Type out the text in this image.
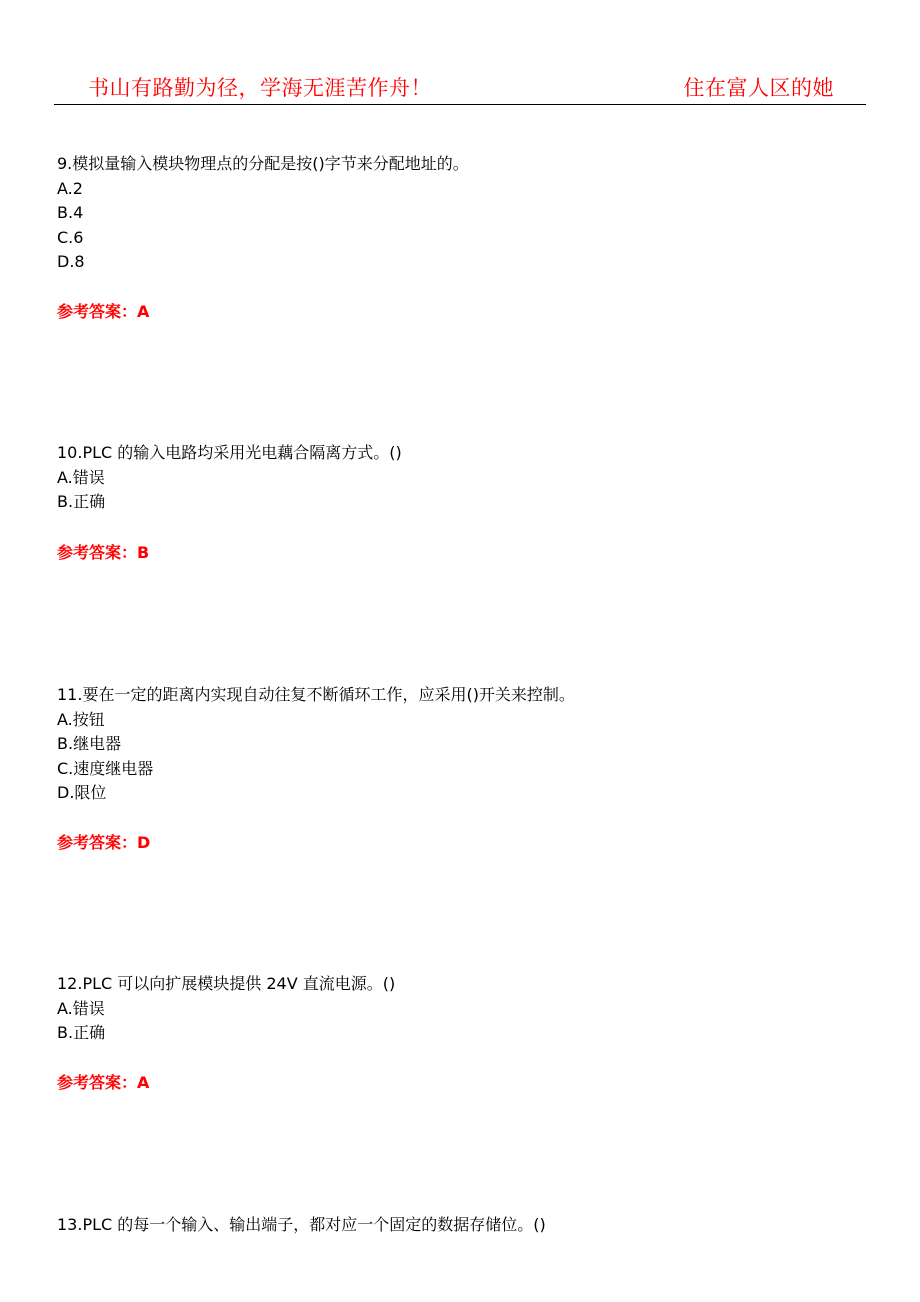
书山有路勤为径，学海无涯苦作舟！	住在富人区的她
9.模拟量输入模块物理点的分配是按()字节来分配地址的。
A.2
B.4
C.6
D.8
参考答案：A
10.PLC 的输入电路均采用光电藕合隔离方式。()
A.错误
B.正确
参考答案：B
11.要在一定的距离内实现自动往复不断循环工作，应采用()开关来控制。
A.按钮
B.继电器
C.速度继电器
D.限位
参考答案：D
12.PLC 可以向扩展模块提供 24V 直流电源。()
A.错误
B.正确
参考答案：A
13.PLC 的每一个输入、输出端子，都对应一个固定的数据存储位。()
